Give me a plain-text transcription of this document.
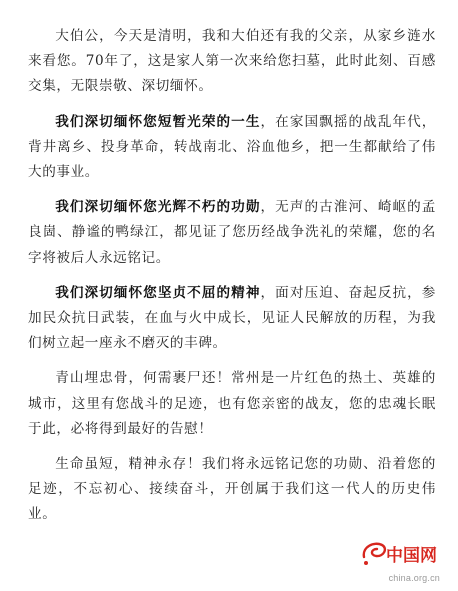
大伯公，今天是清明，我和大伯还有我的父亲，从家乡涟水来看您。70年了，这是家人第一次来给您扫墓，此时此刻、百感交集，无限崇敬、深切缅怀。

我们深切缅怀您短暂光荣的一生，在家国飘摇的战乱年代，背井离乡、投身革命，转战南北、浴血他乡，把一生都献给了伟大的事业。

我们深切缅怀您光辉不朽的功勋，无声的古淮河、崎岖的孟良崮、静谧的鸭绿江，都见证了您历经战争洗礼的荣耀，您的名字将被后人永远铭记。

我们深切缅怀您坚贞不屈的精神，面对压迫、奋起反抗，参加民众抗日武装，在血与火中成长，见证人民解放的历程，为我们树立起一座永不磨灭的丰碑。

青山埋忠骨，何需裹尸还！常州是一片红色的热土、英雄的城市，这里有您战斗的足迹，也有您亲密的战友，您的忠魂长眠于此，必将得到最好的告慰！

生命虽短，精神永存！我们将永远铭记您的功勋、沿着您的足迹，不忘初心、接续奋斗，开创属于我们这一代人的历史伟业。

中国网
china.org.cn
